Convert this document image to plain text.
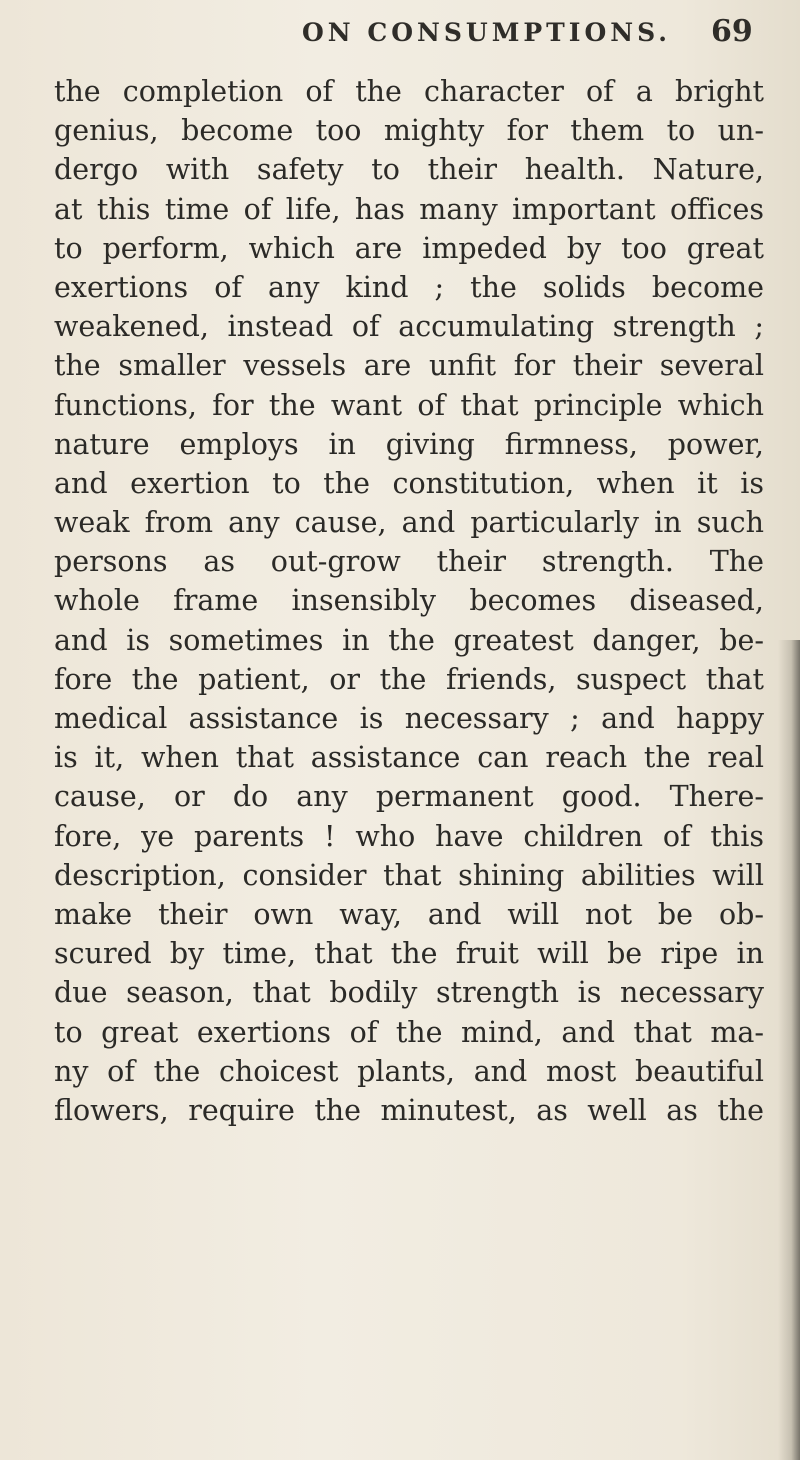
ON CONSUMPTIONS. 69
the completion of the character of a bright
genius, become too mighty for them to un-
dergo with safety to their health. Nature,
at this time of life, has many important offices
to perform, which are impeded by too great
exertions of any kind ; the solids become
weakened, instead of accumulating strength ;
the smaller vessels are unfit for their several
functions, for the want of that principle which
nature employs in giving firmness, power,
and exertion to the constitution, when it is
weak from any cause, and particularly in such
persons as out-grow their strength. The
whole frame insensibly becomes diseased,
and is sometimes in the greatest danger, be-
fore the patient, or the friends, suspect that
medical assistance is necessary ; and happy
is it, when that assistance can reach the real
cause, or do any permanent good. There-
fore, ye parents ! who have children of this
description, consider that shining abilities will
make their own way, and will not be ob-
scured by time, that the fruit will be ripe in
due season, that bodily strength is necessary
to great exertions of the mind, and that ma-
ny of the choicest plants, and most beautiful
flowers, require the minutest, as well as the
